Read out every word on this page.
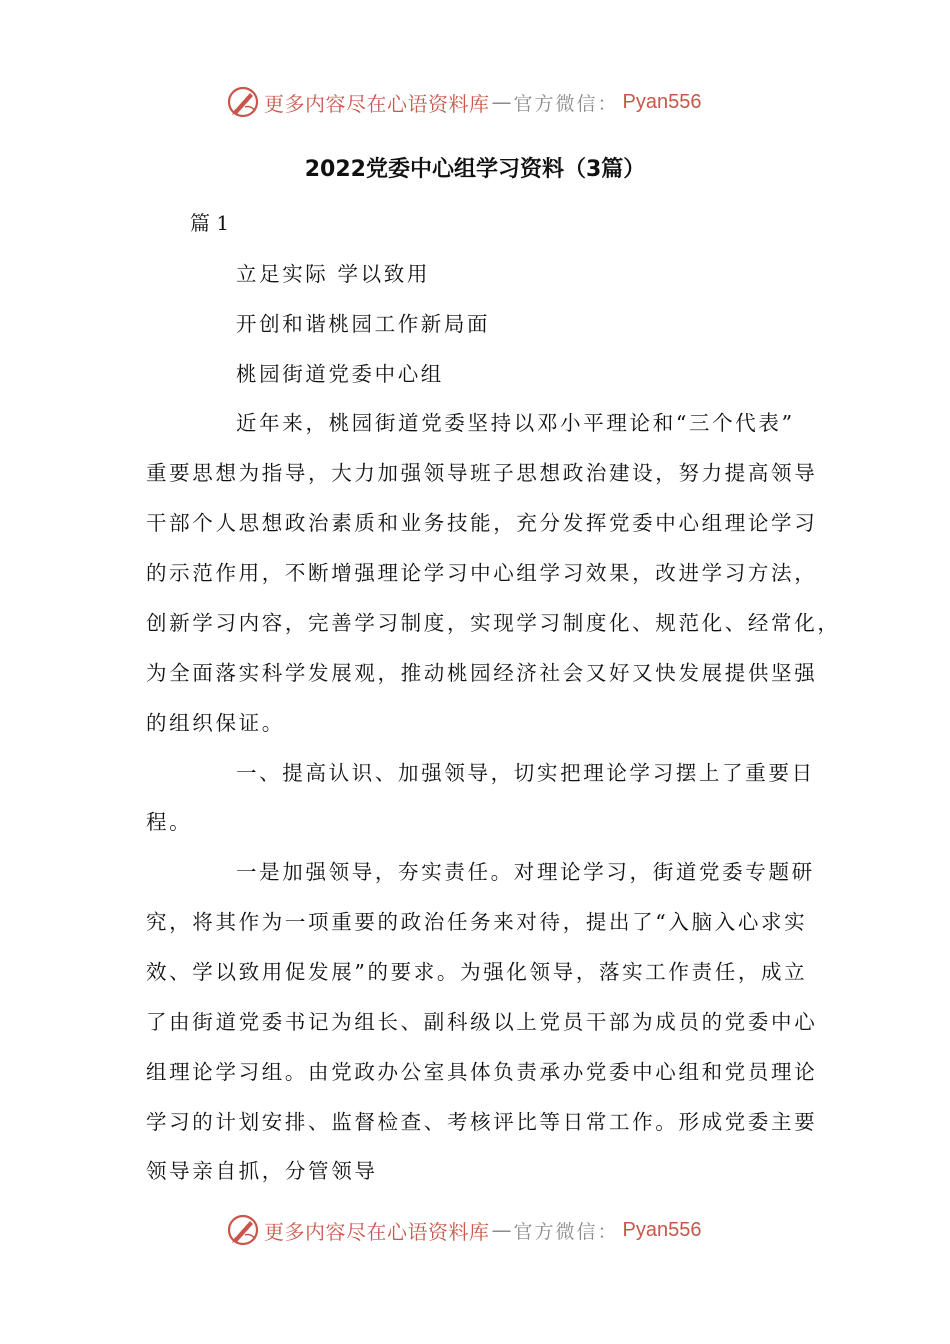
更多内容尽在心语资料库 — 官方微信： Pyan556
2022党委中心组学习资料（3篇）
篇 1
立足实际 学以致用
开创和谐桃园工作新局面
桃园街道党委中心组
近年来，桃园街道党委坚持以邓小平理论和“三个代表”
重要思想为指导，大力加强领导班子思想政治建设，努力提高领导
干部个人思想政治素质和业务技能，充分发挥党委中心组理论学习
的示范作用，不断增强理论学习中心组学习效果，改进学习方法，
创新学习内容，完善学习制度，实现学习制度化、规范化、经常化，
为全面落实科学发展观，推动桃园经济社会又好又快发展提供坚强
的组织保证。
一、提高认识、加强领导，切实把理论学习摆上了重要日
程。
一是加强领导，夯实责任。对理论学习，街道党委专题研
究，将其作为一项重要的政治任务来对待，提出了“入脑入心求实
效、学以致用促发展”的要求。为强化领导，落实工作责任，成立
了由街道党委书记为组长、副科级以上党员干部为成员的党委中心
组理论学习组。由党政办公室具体负责承办党委中心组和党员理论
学习的计划安排、监督检查、考核评比等日常工作。形成党委主要
领导亲自抓，分管领导
更多内容尽在心语资料库 — 官方微信： Pyan556
